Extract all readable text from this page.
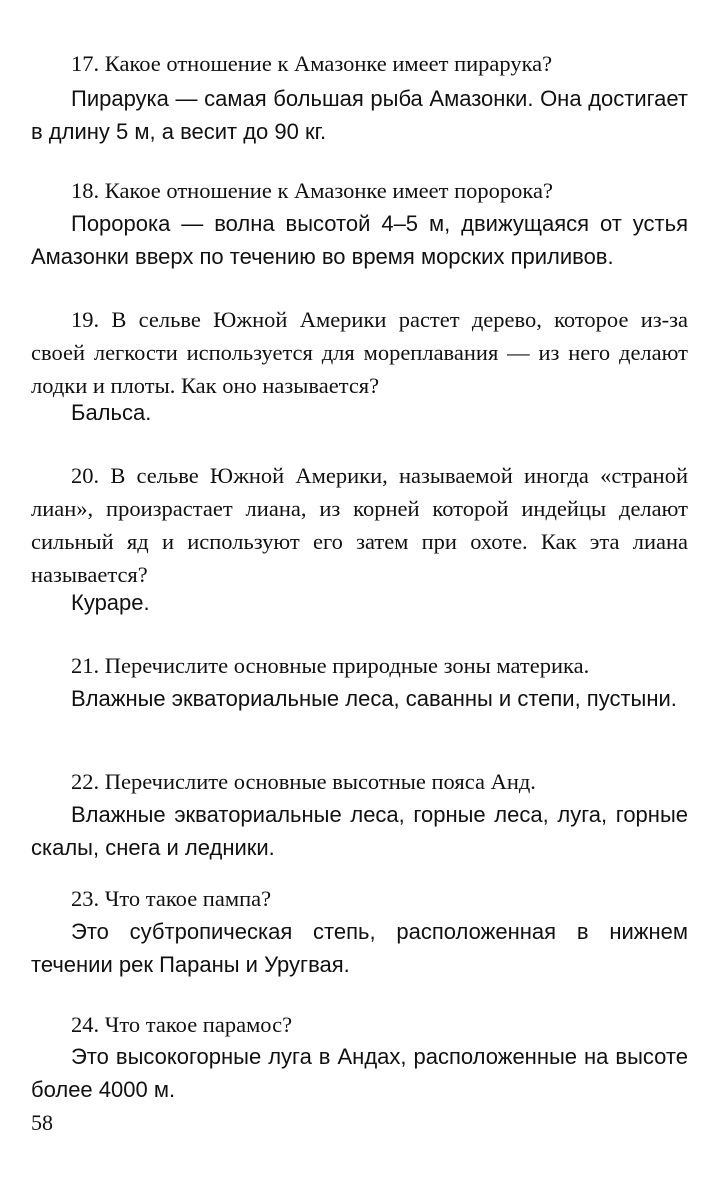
17. Какое отношение к Амазонке имеет пирарука?

Пирарука — самая большая рыба Амазонки. Она достигает в длину 5 м, а весит до 90 кг.

18. Какое отношение к Амазонке имеет поророка?

Поророка — волна высотой 4–5 м, движущаяся от устья Амазонки вверх по течению во время морских приливов.

19. В сельве Южной Америки растет дерево, которое из-за своей легкости используется для мореплавания — из него делают лодки и плоты. Как оно называется?

Бальса.

20. В сельве Южной Америки, называемой иногда «страной лиан», произрастает лиана, из корней которой индейцы делают сильный яд и используют его затем при охоте. Как эта лиана называется?

Кураре.

21. Перечислите основные природные зоны материка.

Влажные экваториальные леса, саванны и степи, пустыни.

22. Перечислите основные высотные пояса Анд.

Влажные экваториальные леса, горные леса, луга, горные скалы, снега и ледники.

23. Что такое пампа?

Это субтропическая степь, расположенная в нижнем течении рек Параны и Уругвая.

24. Что такое парамос?

Это высокогорные луга в Андах, расположенные на высоте более 4000 м.

58
